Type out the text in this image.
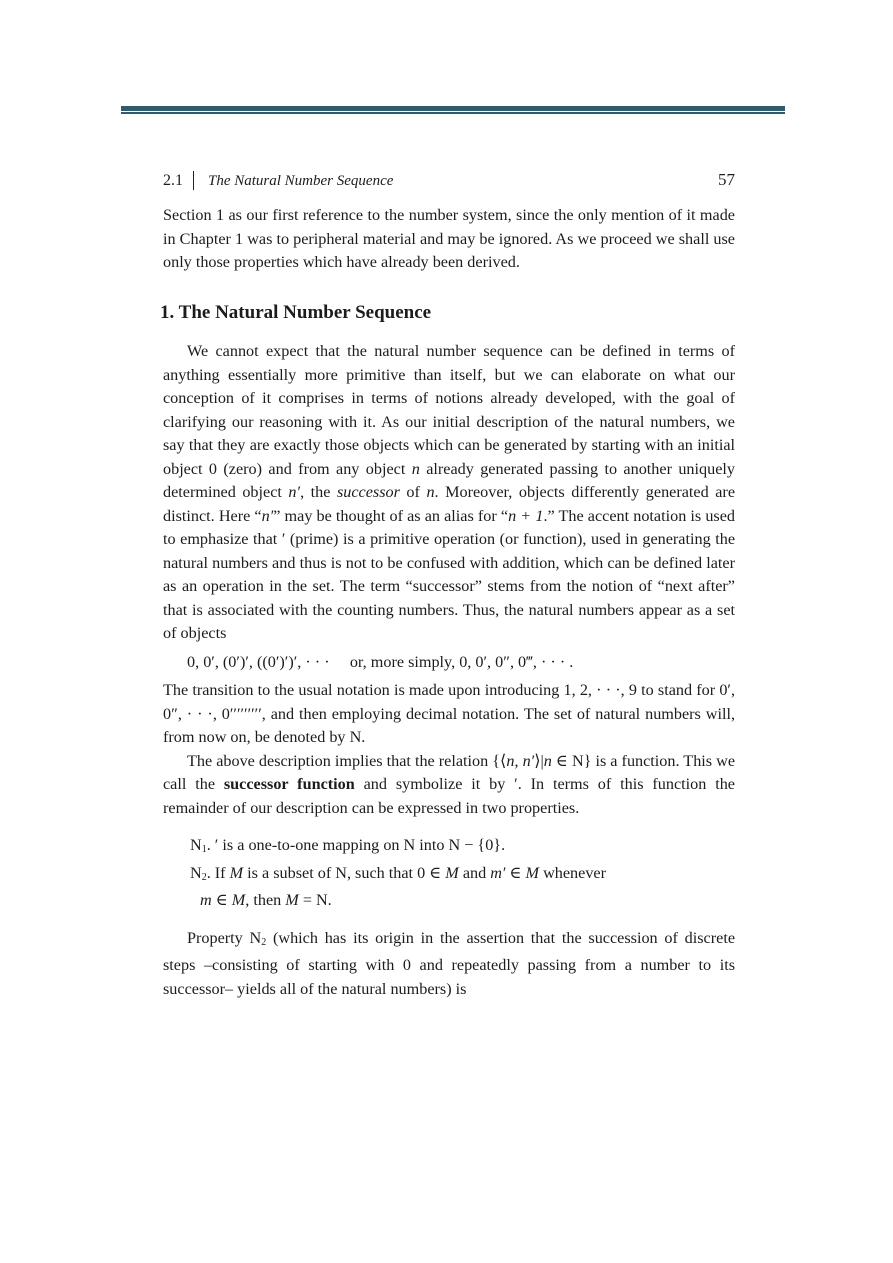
2.1 The Natural Number Sequence	57

Section 1 as our first reference to the number system, since the only mention of it made in Chapter 1 was to peripheral material and may be ignored. As we proceed we shall use only those properties which have already been derived.

1. The Natural Number Sequence

We cannot expect that the natural number sequence can be defined in terms of anything essentially more primitive than itself, but we can elaborate on what our conception of it comprises in terms of notions already developed, with the goal of clarifying our reasoning with it. As our initial description of the natural numbers, we say that they are exactly those objects which can be generated by starting with an initial object 0 (zero) and from any object n already generated passing to another uniquely determined object n′, the successor of n. Moreover, objects differently generated are distinct. Here “n′” may be thought of as an alias for “n + 1.” The accent notation is used to emphasize that ′ (prime) is a primitive operation (or function), used in generating the natural numbers and thus is not to be confused with addition, which can be defined later as an operation in the set. The term “successor” stems from the notion of “next after” that is associated with the counting numbers. Thus, the natural numbers appear as a set of objects

0, 0′, (0′)′, ((0′)′)′, · · ·     or, more simply, 0, 0′, 0″, 0‴, · · · .

The transition to the usual notation is made upon introducing 1, 2, · · ·, 9 to stand for 0′, 0″, · · ·, 0′′′′′′′′′, and then employing decimal notation. The set of natural numbers will, from now on, be denoted by N.

The above description implies that the relation {⟨n, n′⟩|n ∈ N} is a function. This we call the successor function and symbolize it by ′. In terms of this function the remainder of our description can be expressed in two properties.

$N_1$. ′ is a one-to-one mapping on N into N − {0}.

$N_2$. If M is a subset of N, such that 0 ∈ M and m′ ∈ M whenever
m ∈ M, then M = N.

Property $N_2$ (which has its origin in the assertion that the succession of discrete steps –consisting of starting with 0 and repeatedly passing from a number to its successor– yields all of the natural numbers) is
